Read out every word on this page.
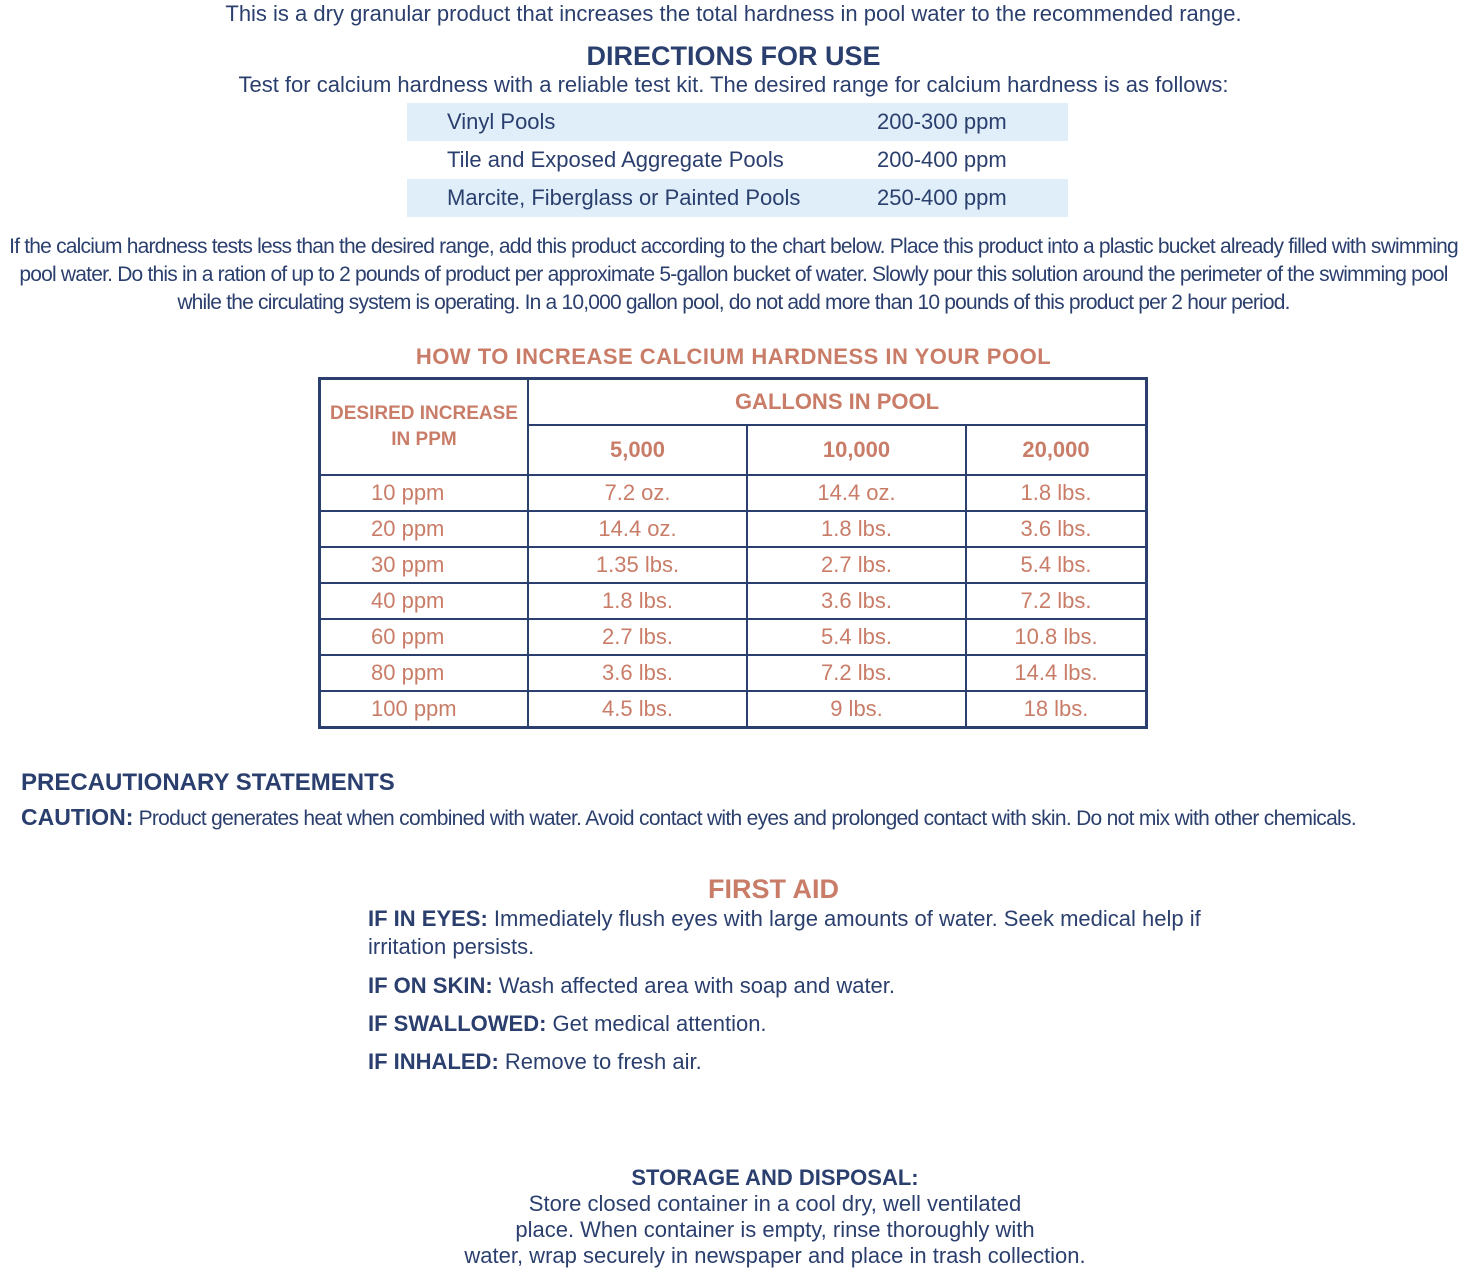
This is a dry granular product that increases the total hardness in pool water to the recommended range.
DIRECTIONS FOR USE
Test for calcium hardness with a reliable test kit. The desired range for calcium hardness is as follows:
Vinyl Pools	200-300 ppm
Tile and Exposed Aggregate Pools	200-400 ppm
Marcite, Fiberglass or Painted Pools	250-400 ppm
If the calcium hardness tests less than the desired range, add this product according to the chart below. Place this product into a plastic bucket already filled with swimming pool water. Do this in a ration of up to 2 pounds of product per approximate 5-gallon bucket of water. Slowly pour this solution around the perimeter of the swimming pool while the circulating system is operating. In a 10,000 gallon pool, do not add more than 10 pounds of this product per 2 hour period.
HOW TO INCREASE CALCIUM HARDNESS IN YOUR POOL
DESIRED INCREASE IN PPM	GALLONS IN POOL		
	5,000	10,000	20,000
10 ppm	7.2 oz.	14.4 oz.	1.8 lbs.
20 ppm	14.4 oz.	1.8 lbs.	3.6 lbs.
30 ppm	1.35 lbs.	2.7 lbs.	5.4 lbs.
40 ppm	1.8 lbs.	3.6 lbs.	7.2 lbs.
60 ppm	2.7 lbs.	5.4 lbs.	10.8 lbs.
80 ppm	3.6 lbs.	7.2 lbs.	14.4 lbs.
100 ppm	4.5 lbs.	9 lbs.	18 lbs.
PRECAUTIONARY STATEMENTS
CAUTION: Product generates heat when combined with water. Avoid contact with eyes and prolonged contact with skin. Do not mix with other chemicals.
FIRST AID
IF IN EYES: Immediately flush eyes with large amounts of water. Seek medical help if irritation persists.
IF ON SKIN: Wash affected area with soap and water.
IF SWALLOWED: Get medical attention.
IF INHALED: Remove to fresh air.
STORAGE AND DISPOSAL:
Store closed container in a cool dry, well ventilated
place. When container is empty, rinse thoroughly with
water, wrap securely in newspaper and place in trash collection.
